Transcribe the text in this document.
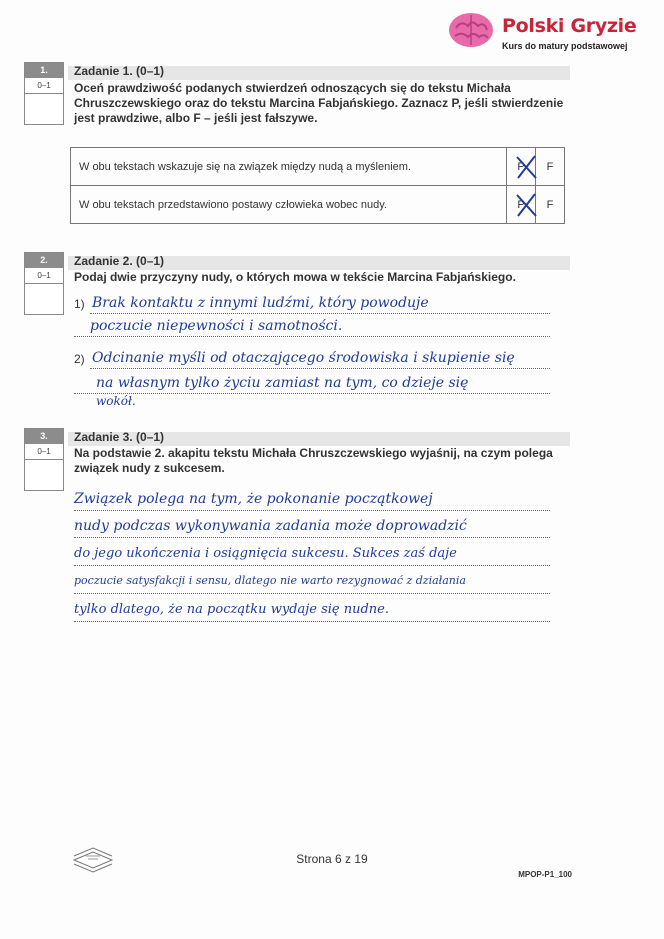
Polski Gryzie
Kurs do matury podstawowej
1.
0–1
Zadanie 1. (0–1)
Oceń prawdziwość podanych stwierdzeń odnoszących się do tekstu Michała Chruszczewskiego oraz do tekstu Marcina Fabjańskiego. Zaznacz P, jeśli stwierdzenie jest prawdziwe, albo F – jeśli jest fałszywe.
W obu tekstach wskazuje się na związek między nudą a myśleniem.	P	F
W obu tekstach przedstawiono postawy człowieka wobec nudy.	P	F
2.
0–1
Zadanie 2. (0–1)
Podaj dwie przyczyny nudy, o których mowa w tekście Marcina Fabjańskiego.
1) Brak kontaktu z innymi ludźmi, który powoduje
poczucie niepewności i samotności.
2) Odcinanie myśli od otaczającego środowiska i skupienie się
na własnym tylko życiu zamiast na tym, co dzieje się
wokół.
3.
0–1
Zadanie 3. (0–1)
Na podstawie 2. akapitu tekstu Michała Chruszczewskiego wyjaśnij, na czym polega związek nudy z sukcesem.
Związek polega na tym, że pokonanie początkowej
nudy podczas wykonywania zadania może doprowadzić
do jego ukończenia i osiągnięcia sukcesu. Sukces zaś daje
poczucie satysfakcji i sensu, dlatego nie warto rezygnować z działania
tylko dlatego, że na początku wydaje się nudne.
Strona 6 z 19
MPOP-P1_100
